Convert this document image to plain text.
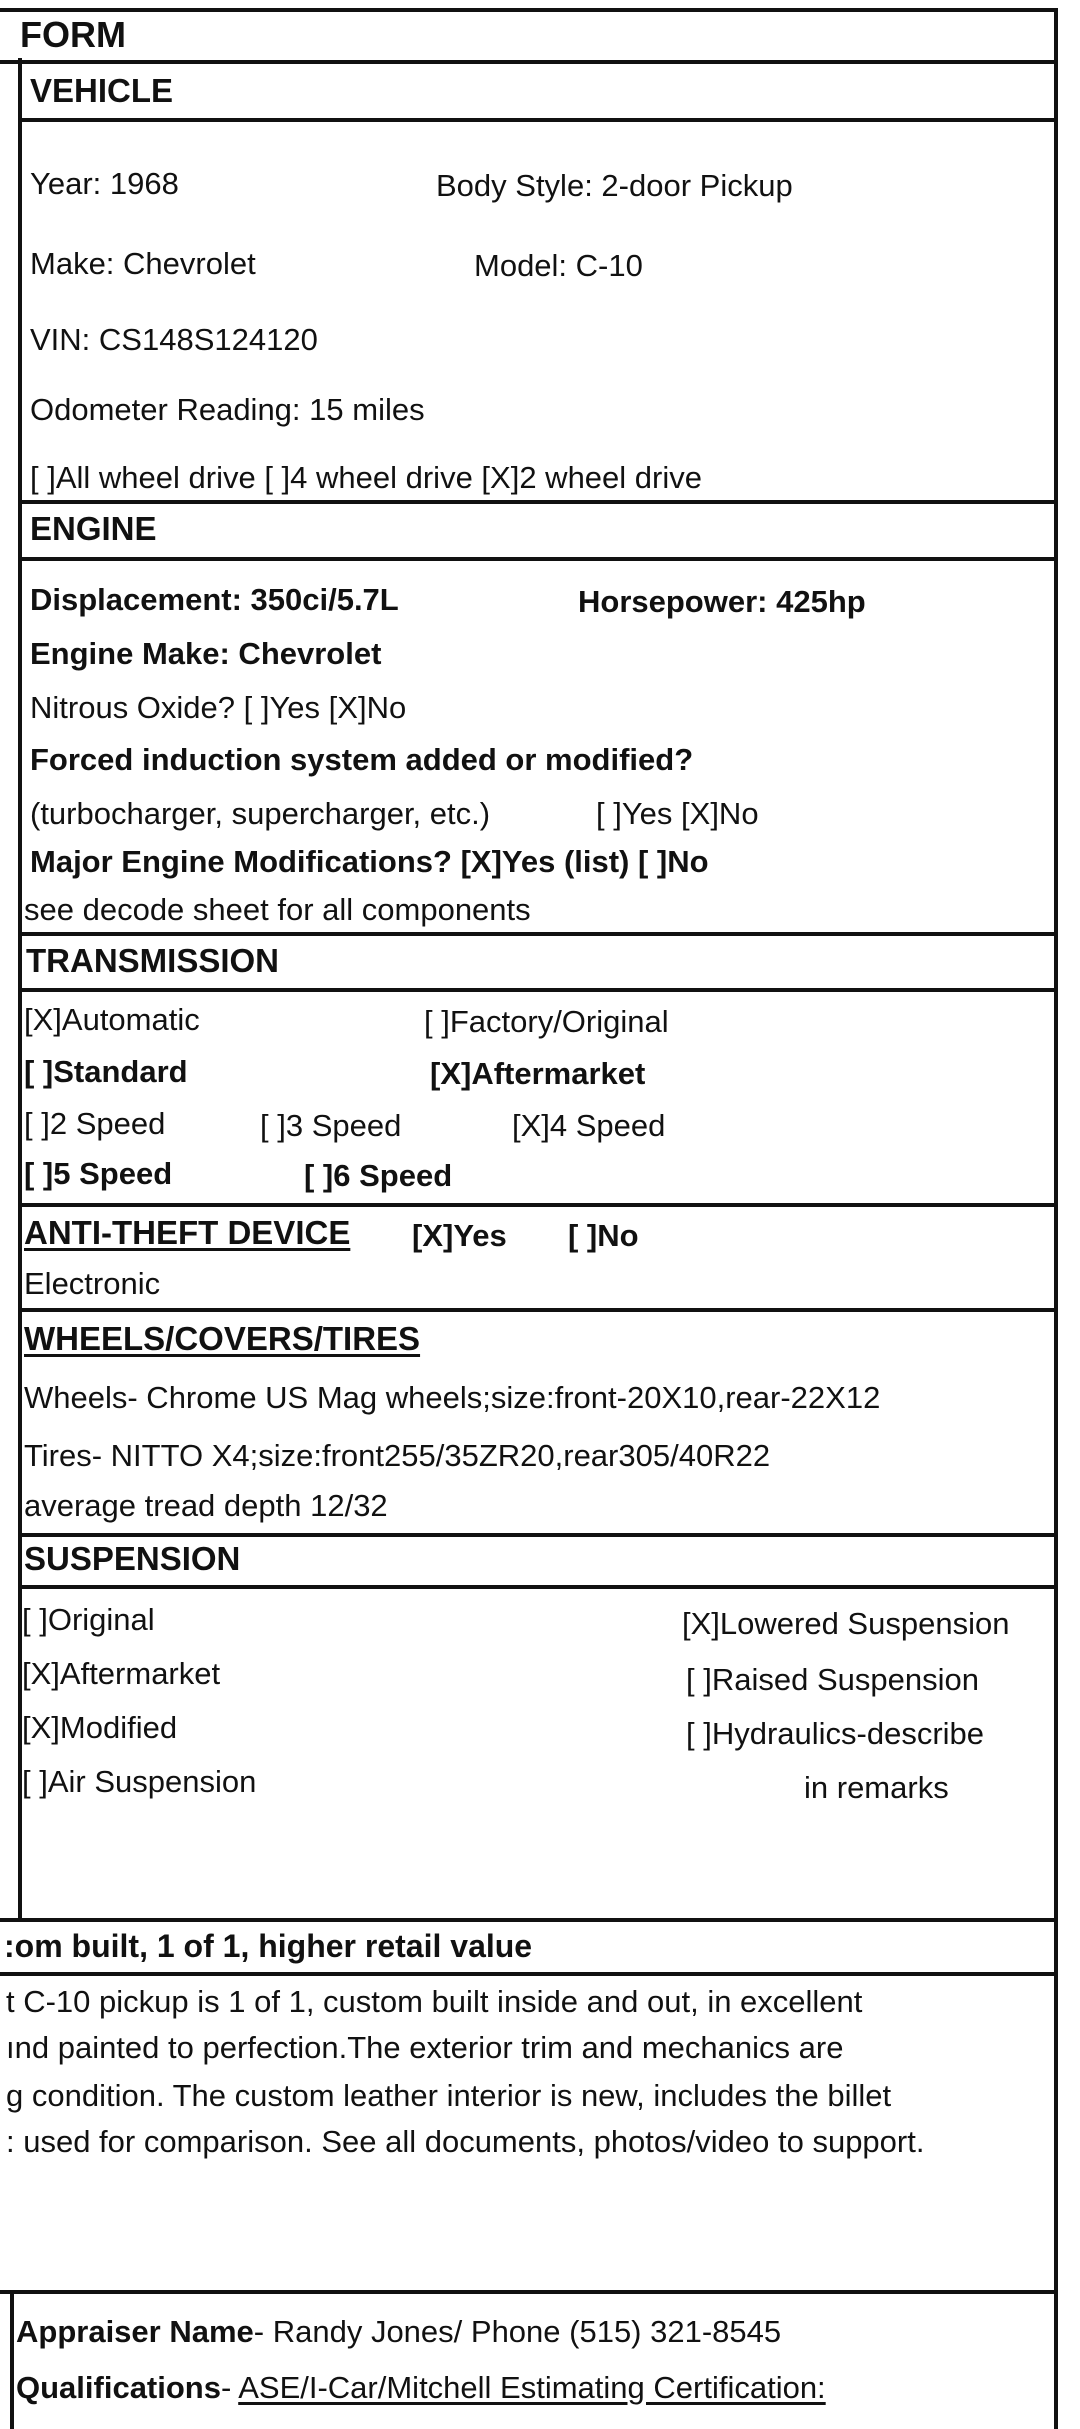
FORM
VEHICLE
Year: 1968	Body Style: 2-door Pickup
Make: Chevrolet	Model: C-10
VIN: CS148S124120
Odometer Reading: 15 miles
[ ]All wheel drive [ ]4 wheel drive [X]2 wheel drive
ENGINE
Displacement: 350ci/5.7L	Horsepower: 425hp
Engine Make: Chevrolet
Nitrous Oxide? [ ]Yes [X]No
Forced induction system added or modified?
(turbocharger, supercharger, etc.)	[ ]Yes [X]No
Major Engine Modifications? [X]Yes (list) [ ]No
see decode sheet for all components
TRANSMISSION
[X]Automatic	[ ]Factory/Original
[ ]Standard	[X]Aftermarket
[ ]2 Speed	[ ]3 Speed	[X]4 Speed
[ ]5 Speed	[ ]6 Speed
ANTI-THEFT DEVICE [X]Yes [ ]No
Electronic
WHEELS/COVERS/TIRES
Wheels- Chrome US Mag wheels;size:front-20X10,rear-22X12
Tires- NITTO X4;size:front255/35ZR20,rear305/40R22
average tread depth 12/32
SUSPENSION
[ ]Original	[X]Lowered Suspension
[X]Aftermarket	[ ]Raised Suspension
[X]Modified	[ ]Hydraulics-describe
[ ]Air Suspension	in remarks
:om built, 1 of 1, higher retail value
t C-10 pickup is 1 of 1, custom built inside and out, in excellent
ınd painted to perfection.The exterior trim and mechanics are
g condition. The custom leather interior is new, includes the billet
: used for comparison. See all documents, photos/video to support.
Appraiser Name- Randy Jones/ Phone (515) 321-8545
Qualifications- ASE/I-Car/Mitchell Estimating Certification:
